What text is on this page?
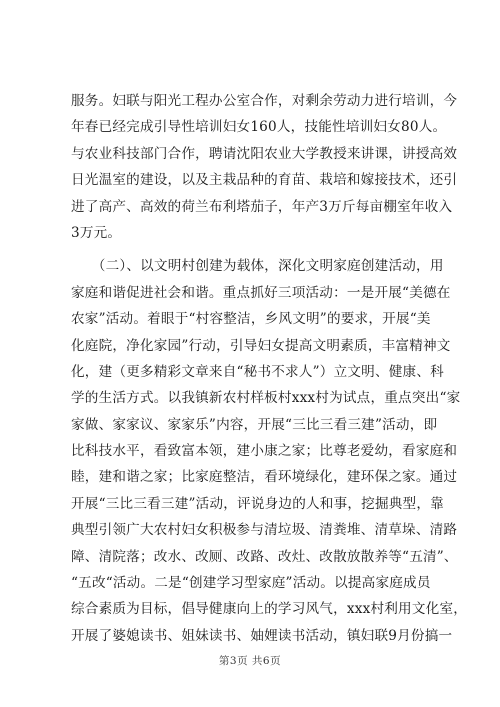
服务。妇联与阳光工程办公室合作，对剩余劳动力进行培训，今
年春已经完成引导性培训妇女160人，技能性培训妇女80人。
与农业科技部门合作，聘请沈阳农业大学教授来讲课，讲授高效
日光温室的建设，以及主栽品种的育苗、栽培和嫁接技术，还引
进了高产、高效的荷兰布利塔茄子，年产3万斤每亩棚室年收入
3万元。
　　（二）、以文明村创建为载体，深化文明家庭创建活动，用
家庭和谐促进社会和谐。重点抓好三项活动：一是开展“美德在
农家”活动。着眼于“村容整洁，乡风文明”的要求，开展“美
化庭院，净化家园”行动，引导妇女提高文明素质，丰富精神文
化，建（更多精彩文章来自“秘书不求人”）立文明、健康、科
学的生活方式。以我镇新农村样板村xxx村为试点，重点突出“家
家做、家家议、家家乐”内容，开展“三比三看三建”活动，即
比科技水平，看致富本领，建小康之家；比尊老爱幼，看家庭和
睦，建和谐之家；比家庭整洁，看环境绿化，建环保之家。通过
开展“三比三看三建”活动，评说身边的人和事，挖掘典型，靠
典型引领广大农村妇女积极参与清垃圾、清粪堆、清草垛、清路
障、清院落；改水、改厕、改路、改灶、改散放散养等“五清”、
“五改“活动。二是“创建学习型家庭”活动。以提高家庭成员
综合素质为目标，倡导健康向上的学习风气，xxx村利用文化室，
开展了婆媳读书、姐妹读书、妯娌读书活动，镇妇联9月份搞一
第3页 共6页
